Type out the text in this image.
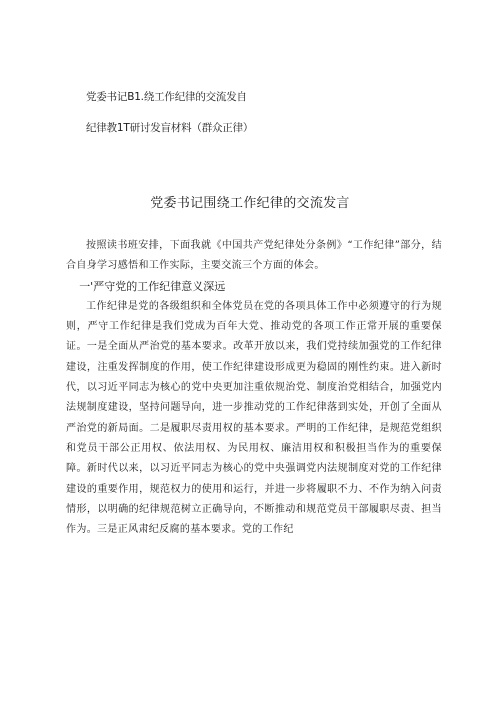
党委书记B1.绕工作纪律的交流发自
纪律教1T研讨发盲材料（群众正律）
党委书记围绕工作纪律的交流发言

按照读书班安排，下面我就《中国共产党纪律处分条例》“工作纪律”部分，结合自身学习感悟和工作实际，主要交流三个方面的体会。

一'严守党的工作纪律意义深远

工作纪律是党的各级组织和全体党员在党的各项具体工作中必须遵守的行为规则，严守工作纪律是我们党成为百年大党、推动党的各项工作正常开展的重要保证。一是全面从严治党的基本要求。改革开放以来，我们党持续加强党的工作纪律建设，注重发挥制度的作用，使工作纪律建设形成更为稳固的刚性约束。进入新时代，以习近平同志为核心的党中央更加注重依规治党、制度治党相结合，加强党内法规制度建设，坚持问题导向，进一步推动党的工作纪律落到实处，开创了全面从严治党的新局面。二是履职尽责用权的基本要求。严明的工作纪律，是规范党组织和党员干部公正用权、依法用权、为民用权、廉洁用权和积极担当作为的重要保障。新时代以来，以习近平同志为核心的党中央强调党内法规制度对党的工作纪律建设的重要作用，规范权力的使用和运行，并进一步将履职不力、不作为纳入问责情形，以明确的纪律规范树立正确导向，不断推动和规范党员干部履职尽责、担当作为。三是正风肃纪反腐的基本要求。党的工作纪
